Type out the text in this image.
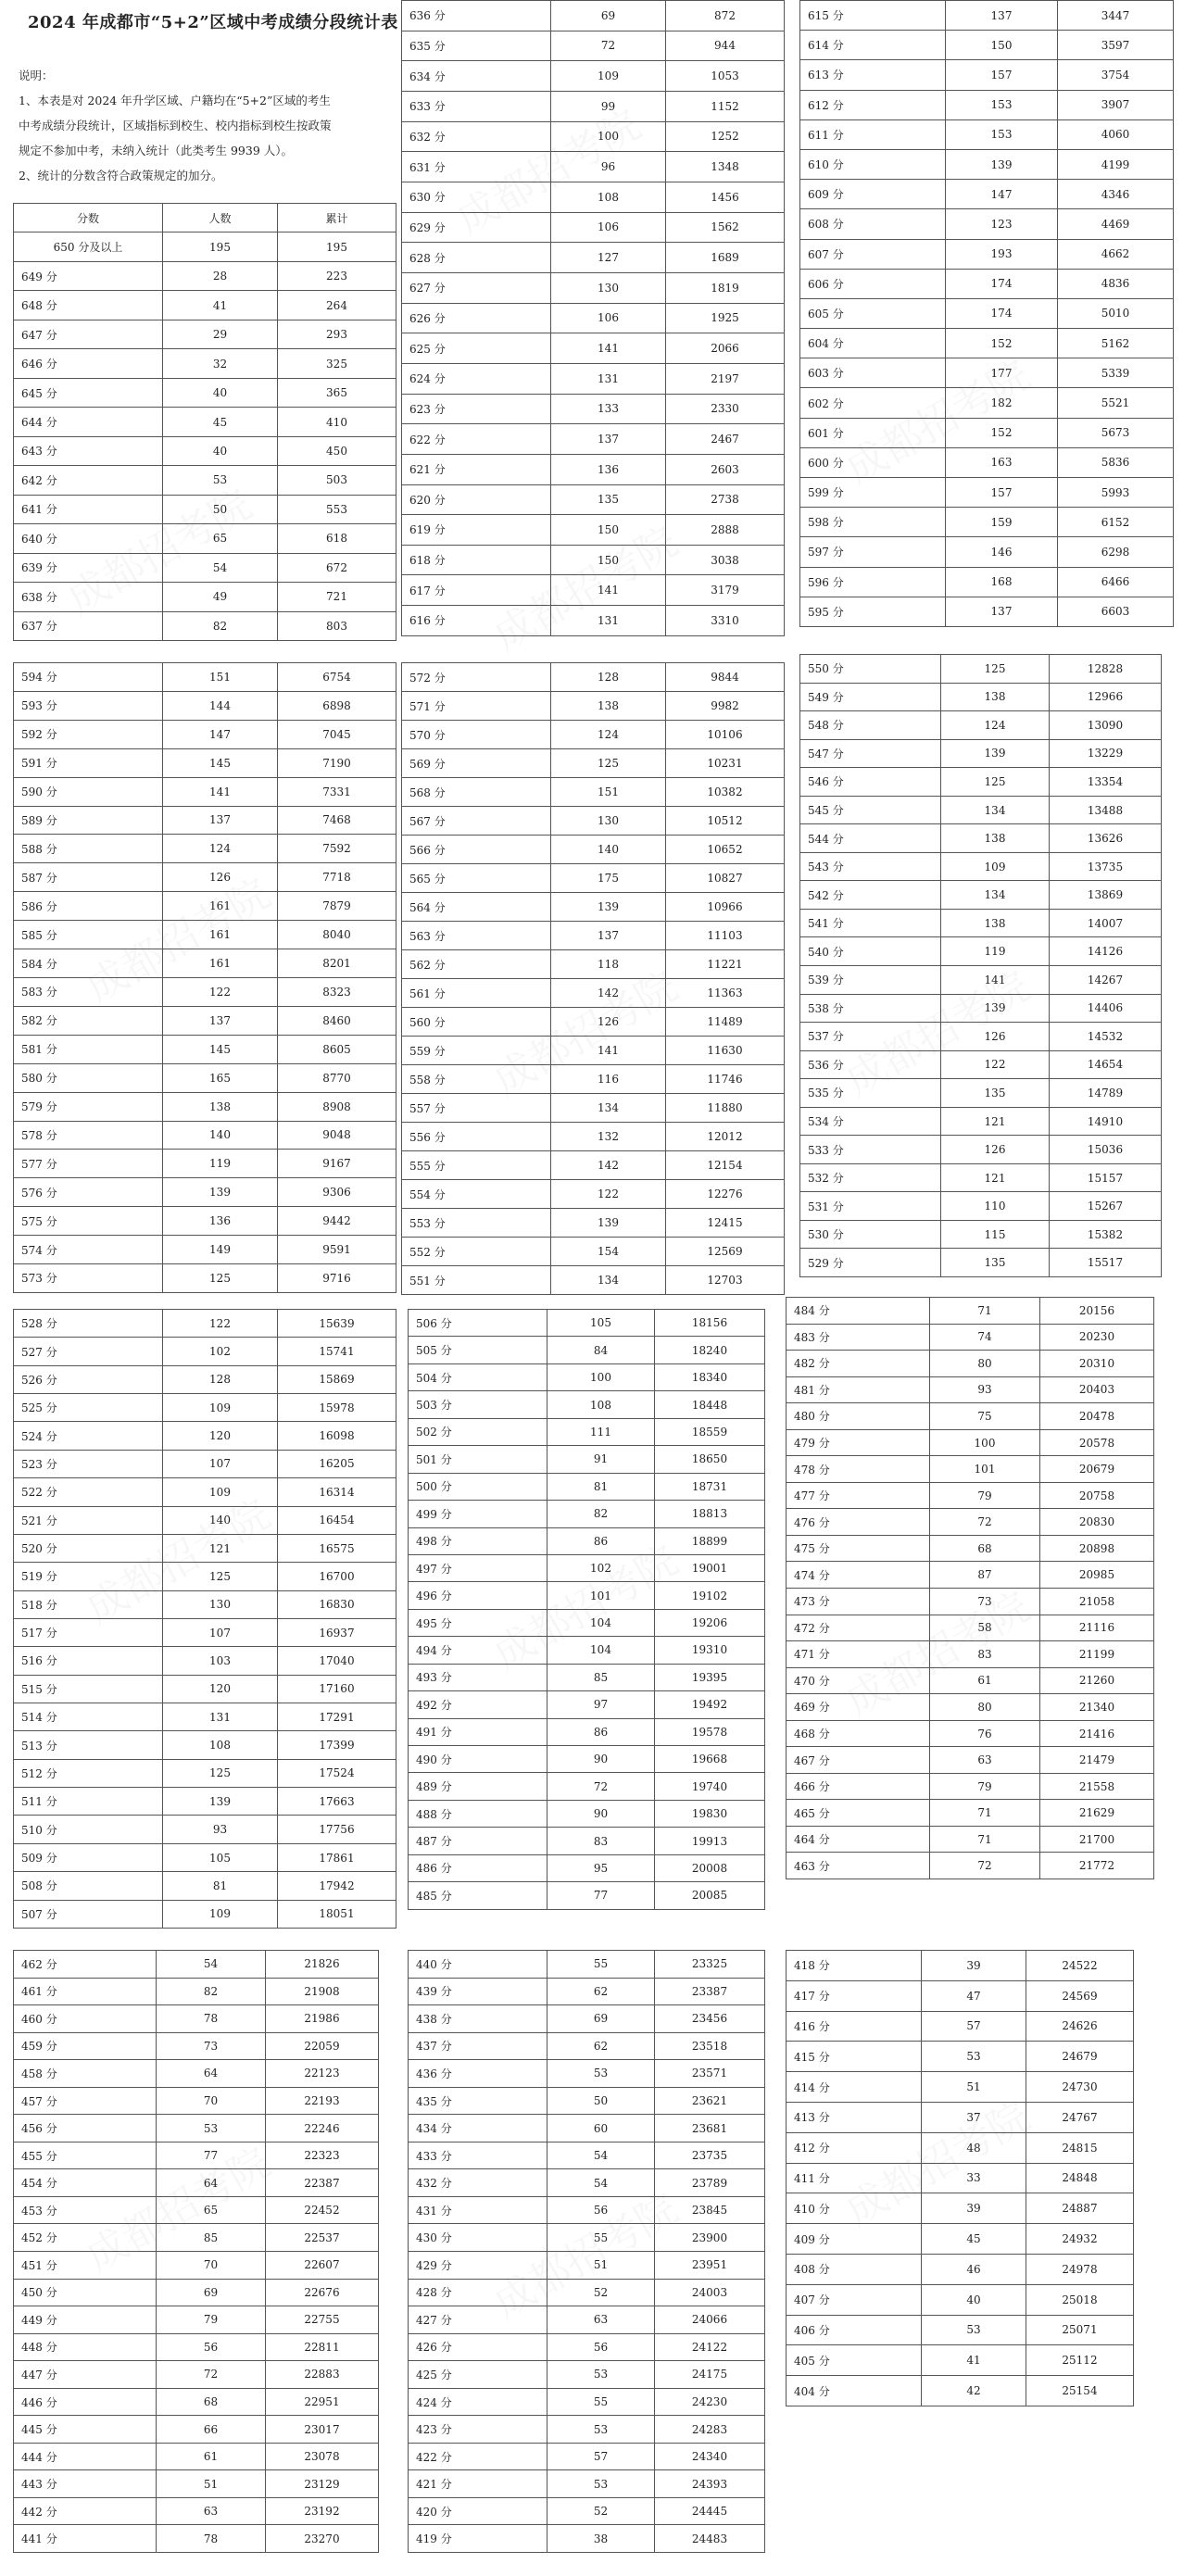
2024 年成都市“5+2”区域中考成绩分段统计表
说明：
1、本表是对 2024 年升学区域、户籍均在“5+2”区域的考生
中考成绩分段统计，区域指标到校生、校内指标到校生按政策
规定不参加中考，未纳入统计（此类考生 9939 人）。
2、统计的分数含符合政策规定的加分。
分数	人数	累计
650 分及以上	195	195
649 分	28	223
648 分	41	264
647 分	29	293
646 分	32	325
645 分	40	365
644 分	45	410
643 分	40	450
642 分	53	503
641 分	50	553
640 分	65	618
639 分	54	672
638 分	49	721
637 分	82	803
636 分	69	872
635 分	72	944
634 分	109	1053
633 分	99	1152
632 分	100	1252
631 分	96	1348
630 分	108	1456
629 分	106	1562
628 分	127	1689
627 分	130	1819
626 分	106	1925
625 分	141	2066
624 分	131	2197
623 分	133	2330
622 分	137	2467
621 分	136	2603
620 分	135	2738
619 分	150	2888
618 分	150	3038
617 分	141	3179
616 分	131	3310
615 分	137	3447
614 分	150	3597
613 分	157	3754
612 分	153	3907
611 分	153	4060
610 分	139	4199
609 分	147	4346
608 分	123	4469
607 分	193	4662
606 分	174	4836
605 分	174	5010
604 分	152	5162
603 分	177	5339
602 分	182	5521
601 分	152	5673
600 分	163	5836
599 分	157	5993
598 分	159	6152
597 分	146	6298
596 分	168	6466
595 分	137	6603
594 分	151	6754
593 分	144	6898
592 分	147	7045
591 分	145	7190
590 分	141	7331
589 分	137	7468
588 分	124	7592
587 分	126	7718
586 分	161	7879
585 分	161	8040
584 分	161	8201
583 分	122	8323
582 分	137	8460
581 分	145	8605
580 分	165	8770
579 分	138	8908
578 分	140	9048
577 分	119	9167
576 分	139	9306
575 分	136	9442
574 分	149	9591
573 分	125	9716
572 分	128	9844
571 分	138	9982
570 分	124	10106
569 分	125	10231
568 分	151	10382
567 分	130	10512
566 分	140	10652
565 分	175	10827
564 分	139	10966
563 分	137	11103
562 分	118	11221
561 分	142	11363
560 分	126	11489
559 分	141	11630
558 分	116	11746
557 分	134	11880
556 分	132	12012
555 分	142	12154
554 分	122	12276
553 分	139	12415
552 分	154	12569
551 分	134	12703
550 分	125	12828
549 分	138	12966
548 分	124	13090
547 分	139	13229
546 分	125	13354
545 分	134	13488
544 分	138	13626
543 分	109	13735
542 分	134	13869
541 分	138	14007
540 分	119	14126
539 分	141	14267
538 分	139	14406
537 分	126	14532
536 分	122	14654
535 分	135	14789
534 分	121	14910
533 分	126	15036
532 分	121	15157
531 分	110	15267
530 分	115	15382
529 分	135	15517
528 分	122	15639
527 分	102	15741
526 分	128	15869
525 分	109	15978
524 分	120	16098
523 分	107	16205
522 分	109	16314
521 分	140	16454
520 分	121	16575
519 分	125	16700
518 分	130	16830
517 分	107	16937
516 分	103	17040
515 分	120	17160
514 分	131	17291
513 分	108	17399
512 分	125	17524
511 分	139	17663
510 分	93	17756
509 分	105	17861
508 分	81	17942
507 分	109	18051
506 分	105	18156
505 分	84	18240
504 分	100	18340
503 分	108	18448
502 分	111	18559
501 分	91	18650
500 分	81	18731
499 分	82	18813
498 分	86	18899
497 分	102	19001
496 分	101	19102
495 分	104	19206
494 分	104	19310
493 分	85	19395
492 分	97	19492
491 分	86	19578
490 分	90	19668
489 分	72	19740
488 分	90	19830
487 分	83	19913
486 分	95	20008
485 分	77	20085
484 分	71	20156
483 分	74	20230
482 分	80	20310
481 分	93	20403
480 分	75	20478
479 分	100	20578
478 分	101	20679
477 分	79	20758
476 分	72	20830
475 分	68	20898
474 分	87	20985
473 分	73	21058
472 分	58	21116
471 分	83	21199
470 分	61	21260
469 分	80	21340
468 分	76	21416
467 分	63	21479
466 分	79	21558
465 分	71	21629
464 分	71	21700
463 分	72	21772
462 分	54	21826
461 分	82	21908
460 分	78	21986
459 分	73	22059
458 分	64	22123
457 分	70	22193
456 分	53	22246
455 分	77	22323
454 分	64	22387
453 分	65	22452
452 分	85	22537
451 分	70	22607
450 分	69	22676
449 分	79	22755
448 分	56	22811
447 分	72	22883
446 分	68	22951
445 分	66	23017
444 分	61	23078
443 分	51	23129
442 分	63	23192
441 分	78	23270
440 分	55	23325
439 分	62	23387
438 分	69	23456
437 分	62	23518
436 分	53	23571
435 分	50	23621
434 分	60	23681
433 分	54	23735
432 分	54	23789
431 分	56	23845
430 分	55	23900
429 分	51	23951
428 分	52	24003
427 分	63	24066
426 分	56	24122
425 分	53	24175
424 分	55	24230
423 分	53	24283
422 分	57	24340
421 分	53	24393
420 分	52	24445
419 分	38	24483
418 分	39	24522
417 分	47	24569
416 分	57	24626
415 分	53	24679
414 分	51	24730
413 分	37	24767
412 分	48	24815
411 分	33	24848
410 分	39	24887
409 分	45	24932
408 分	46	24978
407 分	40	25018
406 分	53	25071
405 分	41	25112
404 分	42	25154
